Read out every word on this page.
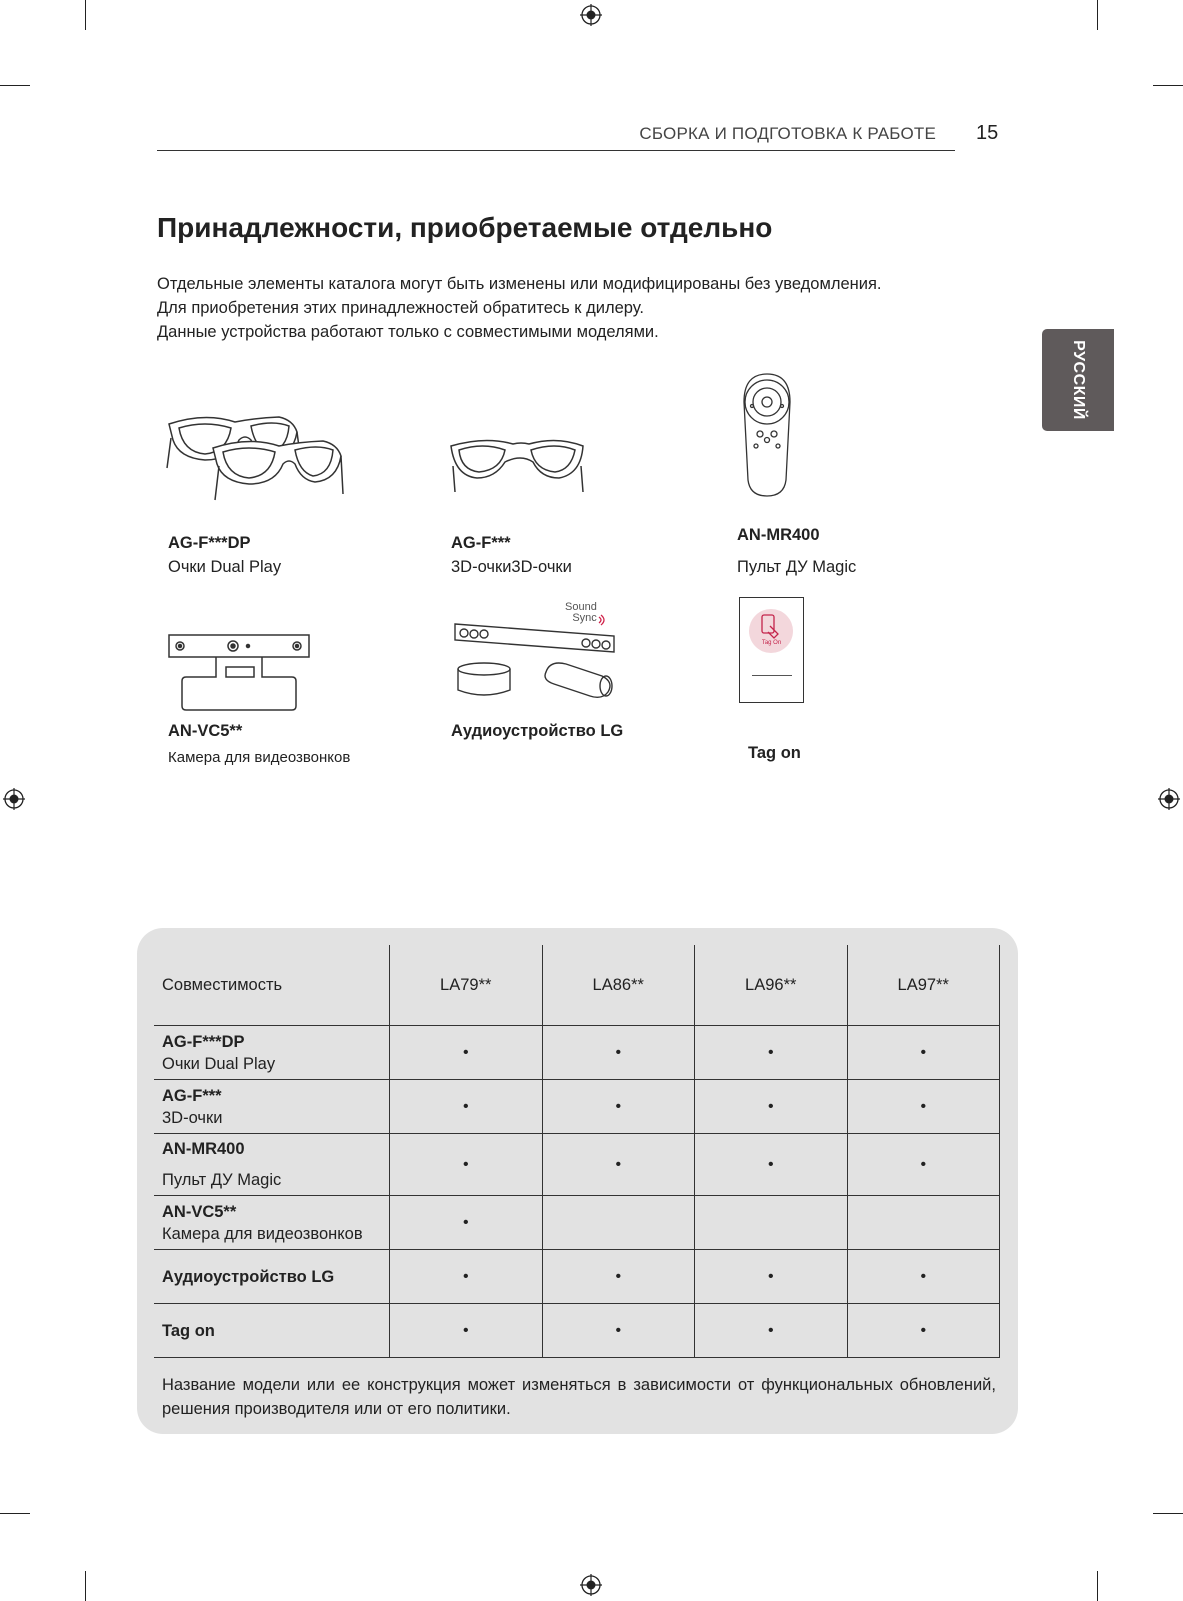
СБОРКА И ПОДГОТОВКА К РАБОТЕ 15
РУССКИЙ
Принадлежности, приобретаемые отдельно
Отдельные элементы каталога могут быть изменены или модифицированы без уведомления.
Для приобретения этих принадлежностей обратитесь к дилеру.
Данные устройства работают только с совместимыми моделями.
Sound
Sync
Tag On
AG-F***DP
Очки Dual Play
AG-F***
3D-очки3D-очки
AN-MR400
Пульт ДУ Magic
AN-VC5**
Камера для видеозвонков
Аудиоустройство LG
Tag on
Совместимость	LA79**	LA86**	LA96**	LA97**

AG-F***DP
Очки Dual Play	•	•	•	•

AG-F***
3D-очки	•	•	•	•

AN-MR400
Пульт ДУ Magic	•	•	•	•

AN-VC5**
Камера для видеозвонков	•			

Аудиоустройство LG	•	•	•	•

Tag on	•	•	•	•
Название модели или ее конструкция может изменяться в зависимости от функциональных обновлений, решения производителя или от его политики.
